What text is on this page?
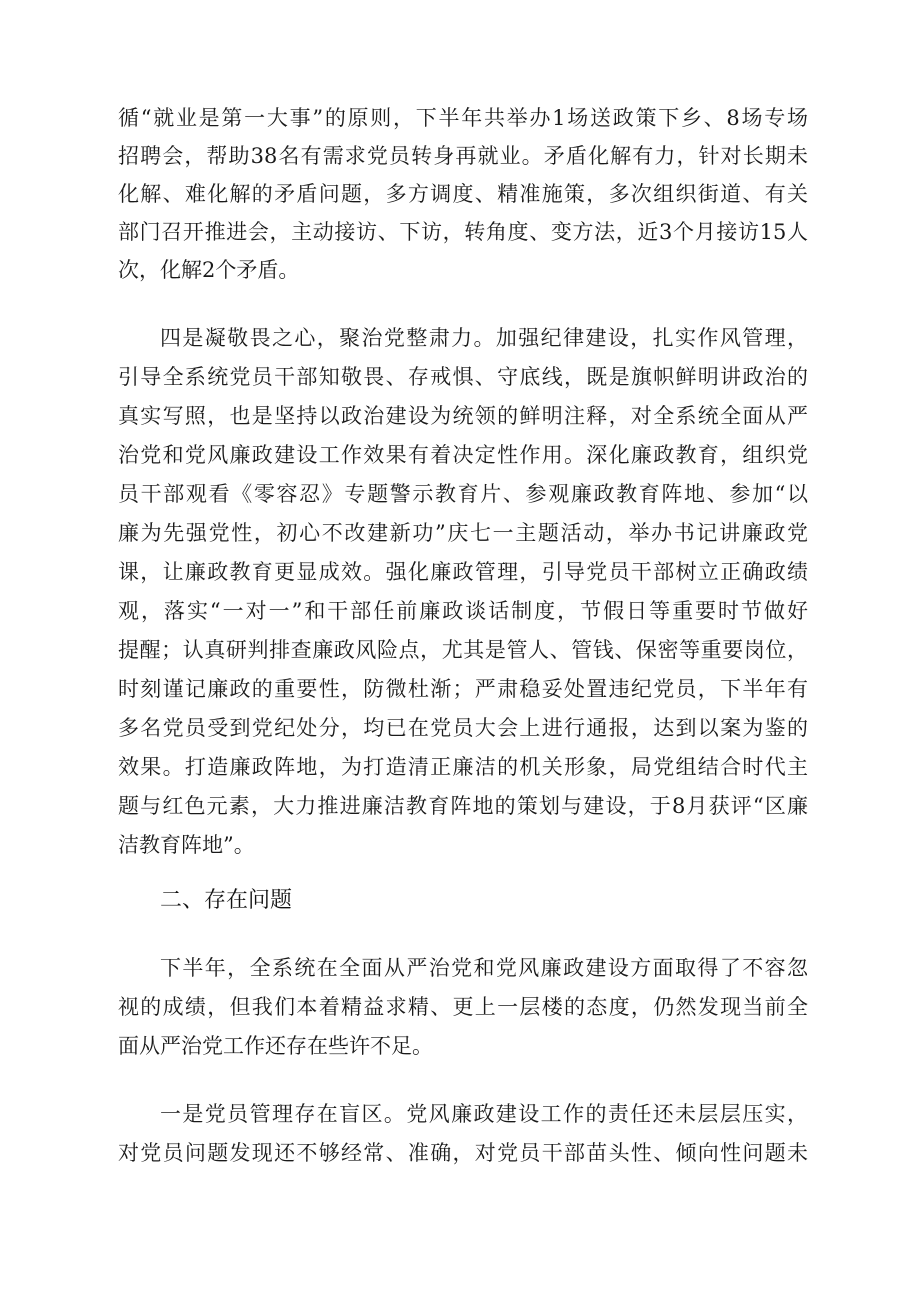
循“就业是第一大事”的原则，下半年共举办1场送政策下乡、8场专场
招聘会，帮助38名有需求党员转身再就业。矛盾化解有力，针对长期未
化解、难化解的矛盾问题，多方调度、精准施策，多次组织街道、有关
部门召开推进会，主动接访、下访，转角度、变方法，近3个月接访15人
次，化解2个矛盾。
四是凝敬畏之心，聚治党整肃力。加强纪律建设，扎实作风管理，
引导全系统党员干部知敬畏、存戒惧、守底线，既是旗帜鲜明讲政治的
真实写照，也是坚持以政治建设为统领的鲜明注释，对全系统全面从严
治党和党风廉政建设工作效果有着决定性作用。深化廉政教育，组织党
员干部观看《零容忍》专题警示教育片、参观廉政教育阵地、参加“以
廉为先强党性，初心不改建新功”庆七一主题活动，举办书记讲廉政党
课，让廉政教育更显成效。强化廉政管理，引导党员干部树立正确政绩
观，落实“一对一”和干部任前廉政谈话制度，节假日等重要时节做好
提醒；认真研判排查廉政风险点，尤其是管人、管钱、保密等重要岗位，
时刻谨记廉政的重要性，防微杜渐；严肃稳妥处置违纪党员，下半年有
多名党员受到党纪处分，均已在党员大会上进行通报，达到以案为鉴的
效果。打造廉政阵地，为打造清正廉洁的机关形象，局党组结合时代主
题与红色元素，大力推进廉洁教育阵地的策划与建设，于8月获评“区廉
洁教育阵地”。
二、存在问题
下半年，全系统在全面从严治党和党风廉政建设方面取得了不容忽
视的成绩，但我们本着精益求精、更上一层楼的态度，仍然发现当前全
面从严治党工作还存在些许不足。
一是党员管理存在盲区。党风廉政建设工作的责任还未层层压实，
对党员问题发现还不够经常、准确，对党员干部苗头性、倾向性问题未
